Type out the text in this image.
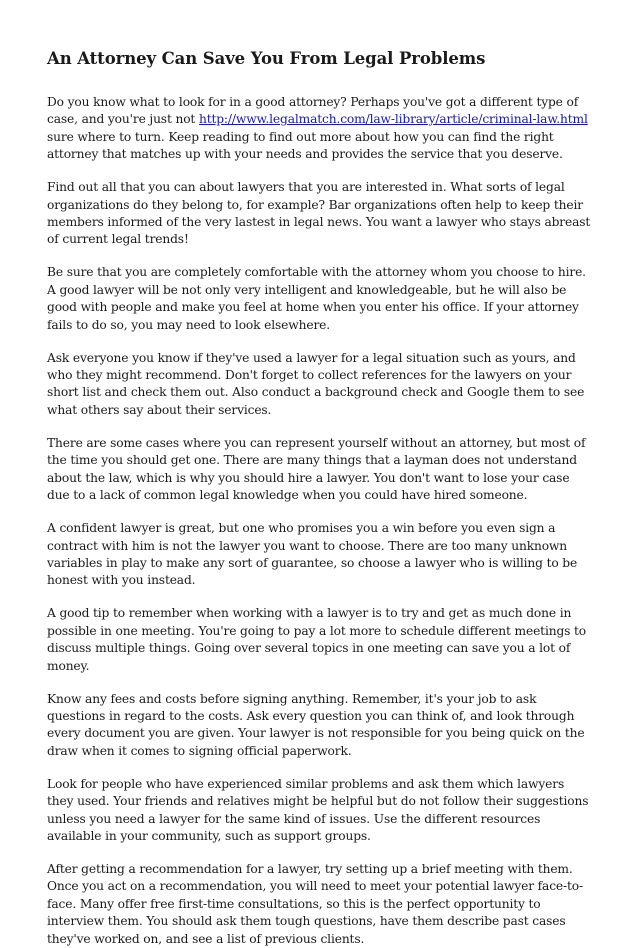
An Attorney Can Save You From Legal Problems

Do you know what to look for in a good attorney? Perhaps you've got a different type of case, and you're just not http://www.legalmatch.com/law-library/article/criminal-law.html sure where to turn. Keep reading to find out more about how you can find the right attorney that matches up with your needs and provides the service that you deserve.

Find out all that you can about lawyers that you are interested in. What sorts of legal organizations do they belong to, for example? Bar organizations often help to keep their members informed of the very lastest in legal news. You want a lawyer who stays abreast of current legal trends!

Be sure that you are completely comfortable with the attorney whom you choose to hire. A good lawyer will be not only very intelligent and knowledgeable, but he will also be good with people and make you feel at home when you enter his office. If your attorney fails to do so, you may need to look elsewhere.

Ask everyone you know if they've used a lawyer for a legal situation such as yours, and who they might recommend. Don't forget to collect references for the lawyers on your short list and check them out. Also conduct a background check and Google them to see what others say about their services.

There are some cases where you can represent yourself without an attorney, but most of the time you should get one. There are many things that a layman does not understand about the law, which is why you should hire a lawyer. You don't want to lose your case due to a lack of common legal knowledge when you could have hired someone.

A confident lawyer is great, but one who promises you a win before you even sign a contract with him is not the lawyer you want to choose. There are too many unknown variables in play to make any sort of guarantee, so choose a lawyer who is willing to be honest with you instead.

A good tip to remember when working with a lawyer is to try and get as much done in possible in one meeting. You're going to pay a lot more to schedule different meetings to discuss multiple things. Going over several topics in one meeting can save you a lot of money.

Know any fees and costs before signing anything. Remember, it's your job to ask questions in regard to the costs. Ask every question you can think of, and look through every document you are given. Your lawyer is not responsible for you being quick on the draw when it comes to signing official paperwork.

Look for people who have experienced similar problems and ask them which lawyers they used. Your friends and relatives might be helpful but do not follow their suggestions unless you need a lawyer for the same kind of issues. Use the different resources available in your community, such as support groups.

After getting a recommendation for a lawyer, try setting up a brief meeting with them. Once you act on a recommendation, you will need to meet your potential lawyer face-to-face. Many offer free first-time consultations, so this is the perfect opportunity to interview them. You should ask them tough questions, have them describe past cases they've worked on, and see a list of previous clients.
